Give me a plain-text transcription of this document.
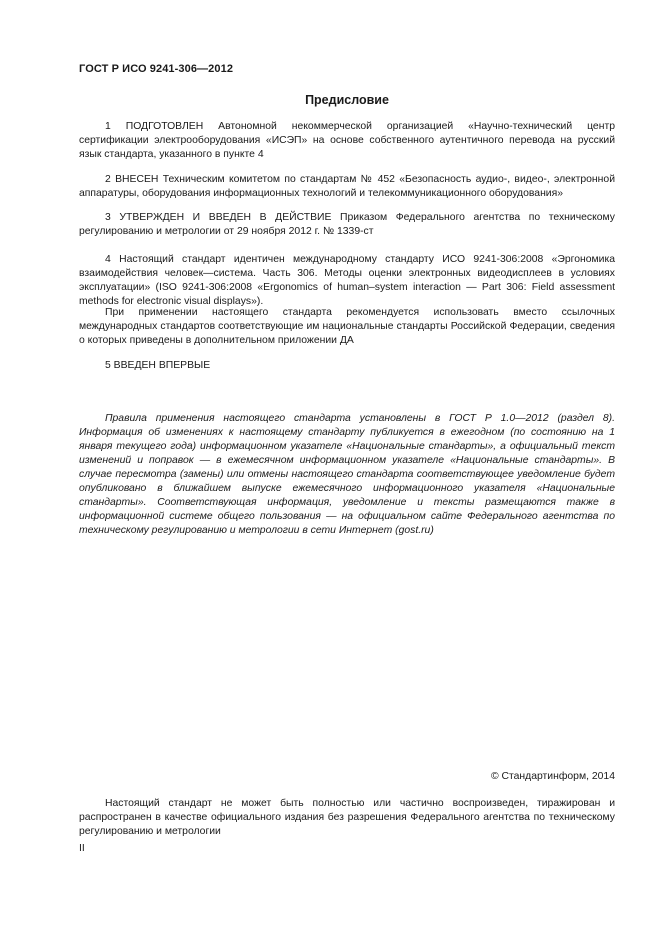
ГОСТ Р ИСО 9241-306—2012
Предисловие

1 ПОДГОТОВЛЕН Автономной некоммерческой организацией «Научно-технический центр сертификации электрооборудования «ИСЭП» на основе собственного аутентичного перевода на русский язык стандарта, указанного в пункте 4

2 ВНЕСЕН Техническим комитетом по стандартам № 452 «Безопасность аудио-, видео-, электронной аппаратуры, оборудования информационных технологий и телекоммуникационного оборудования»

3 УТВЕРЖДЕН И ВВЕДЕН В ДЕЙСТВИЕ Приказом Федерального агентства по техническому регулированию и метрологии от 29 ноября 2012 г. № 1339-ст

4 Настоящий стандарт идентичен международному стандарту ИСО 9241-306:2008 «Эргономика взаимодействия человек—система. Часть 306. Методы оценки электронных видеодисплеев в условиях эксплуатации» (ISO 9241-306:2008 «Ergonomics of human–system interaction — Part 306: Field assessment methods for electronic visual displays»).

При применении настоящего стандарта рекомендуется использовать вместо ссылочных международных стандартов соответствующие им национальные стандарты Российской Федерации, сведения о которых приведены в дополнительном приложении ДА

5 ВВЕДЕН ВПЕРВЫЕ

Правила применения настоящего стандарта установлены в ГОСТ Р 1.0—2012 (раздел 8). Информация об изменениях к настоящему стандарту публикуется в ежегодном (по состоянию на 1 января текущего года) информационном указателе «Национальные стандарты», а официальный текст изменений и поправок — в ежемесячном информационном указателе «Национальные стандарты». В случае пересмотра (замены) или отмены настоящего стандарта соответствующее уведомление будет опубликовано в ближайшем выпуске ежемесячного информационного указателя «Национальные стандарты». Соответствующая информация, уведомление и тексты размещаются также в информационной системе общего пользования — на официальном сайте Федерального агентства по техническому регулированию и метрологии в сети Интернет (gost.ru)

© Стандартинформ, 2014

Настоящий стандарт не может быть полностью или частично воспроизведен, тиражирован и распространен в качестве официального издания без разрешения Федерального агентства по техническому регулированию и метрологии

II
